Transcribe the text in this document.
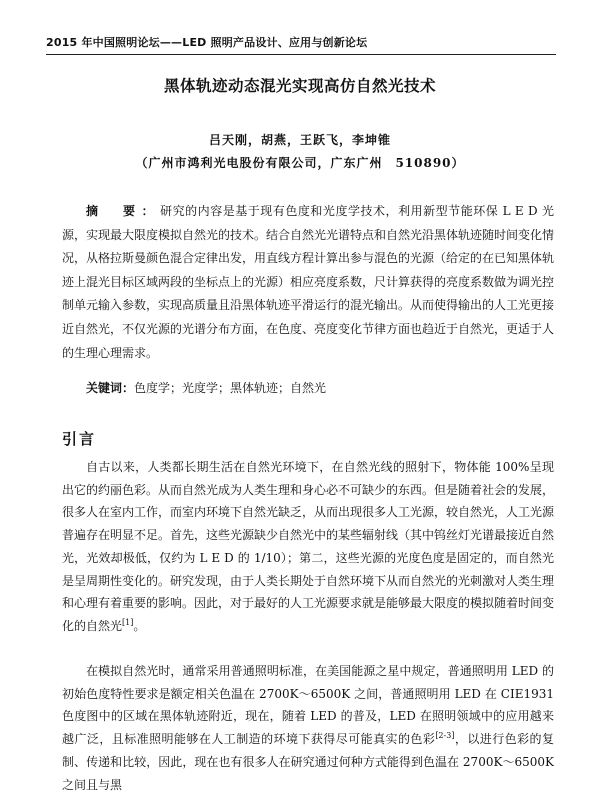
2015 年中国照明论坛——LED 照明产品设计、应用与创新论坛
黑体轨迹动态混光实现高仿自然光技术
吕天刚，胡燕，王跃飞，李坤锥
（广州市鸿利光电股份有限公司，广东广州　510890）

摘　要：研究的内容是基于现有色度和光度学技术，利用新型节能环保 L E D 光源，实现最大限度模拟自然光的技术。结合自然光光谱特点和自然光沿黑体轨迹随时间变化情况，从格拉斯曼颜色混合定律出发，用直线方程计算出参与混色的光源（给定的在已知黑体轨迹上混光目标区域两段的坐标点上的光源）相应亮度系数，尺计算获得的亮度系数做为调光控制单元输入参数，实现高质量且沿黑体轨迹平滑运行的混光输出。从而使得输出的人工光更接近自然光，不仅光源的光谱分布方面，在色度、亮度变化节律方面也趋近于自然光，更适于人的生理心理需求。

关键词：色度学；光度学；黑体轨迹；自然光

引言

自古以来，人类都长期生活在自然光环境下，在自然光线的照射下，物体能 100%呈现出它的约丽色彩。从而自然光成为人类生理和身心必不可缺少的东西。但是随着社会的发展，很多人在室内工作，而室内环境下自然光缺乏，从而出现很多人工光源，较自然光，人工光源普遍存在明显不足。首先，这些光源缺少自然光中的某些辐射线（其中钨丝灯光谱最接近自然光，光效却极低，仅约为 L E D 的 1/10）；第二，这些光源的光度色度是固定的，而自然光是呈周期性变化的。研究发现，由于人类长期处于自然环境下从而自然光的光刺激对人类生理和心理有着重要的影响。因此，对于最好的人工光源要求就是能够最大限度的模拟随着时间变化的自然光[1]。

在模拟自然光时，通常采用普通照明标准，在美国能源之星中规定，普通照明用 LED 的初始色度特性要求是额定相关色温在 2700K～6500K 之间，普通照明用 LED 在 CIE1931 色度图中的区域在黑体轨迹附近，现在，随着 LED 的普及，LED 在照明领域中的应用越来越广泛，且标准照明能够在人工制造的环境下获得尽可能真实的色彩[2-3]，以进行色彩的复制、传递和比较，因此，现在也有很多人在研究通过何种方式能得到色温在 2700K～6500K 之间且与黑
